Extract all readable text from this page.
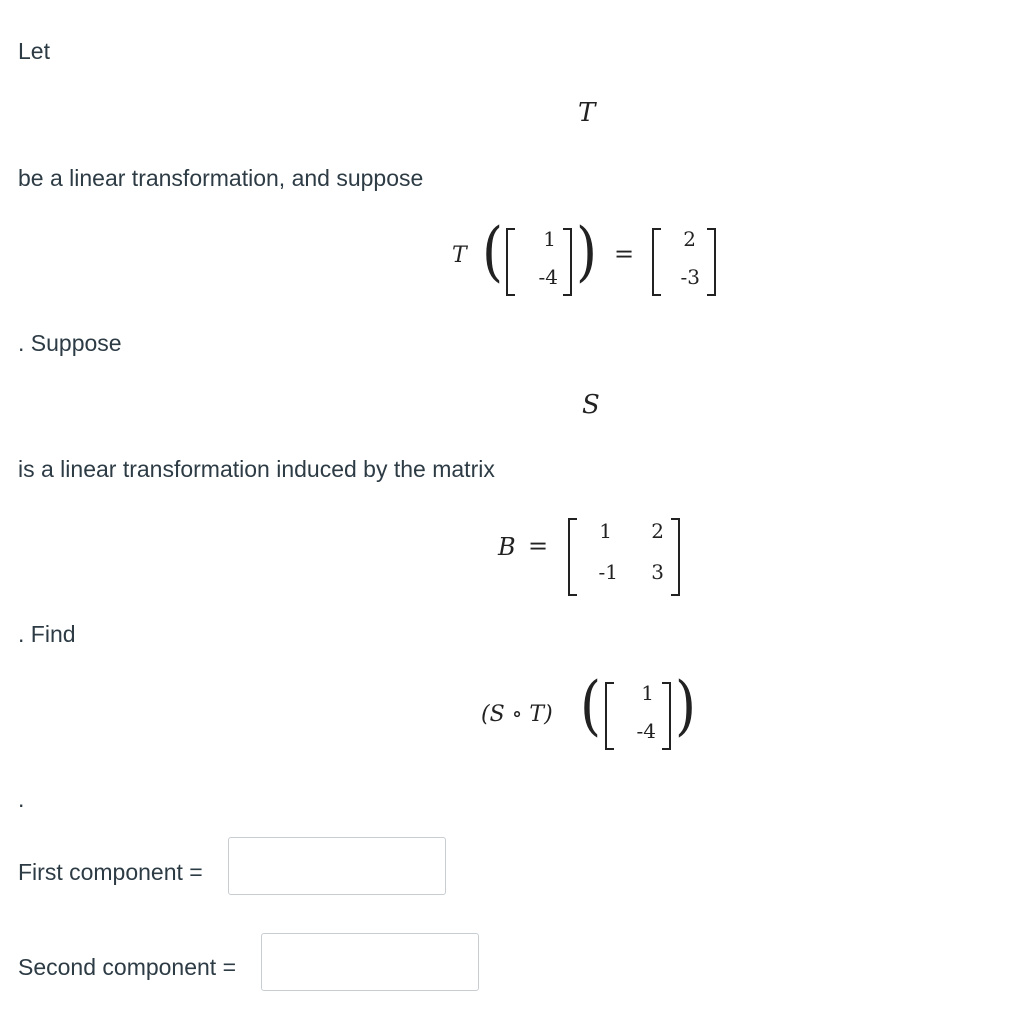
Let
T
be a linear transformation, and suppose
T (	1
-4 ) =
2
-3
. Suppose
S
is a linear transformation induced by the matrix
B =
1	2
-1	3
. Find
(S ∘ T) (	1
-4 )
.
First component =
Second component =
